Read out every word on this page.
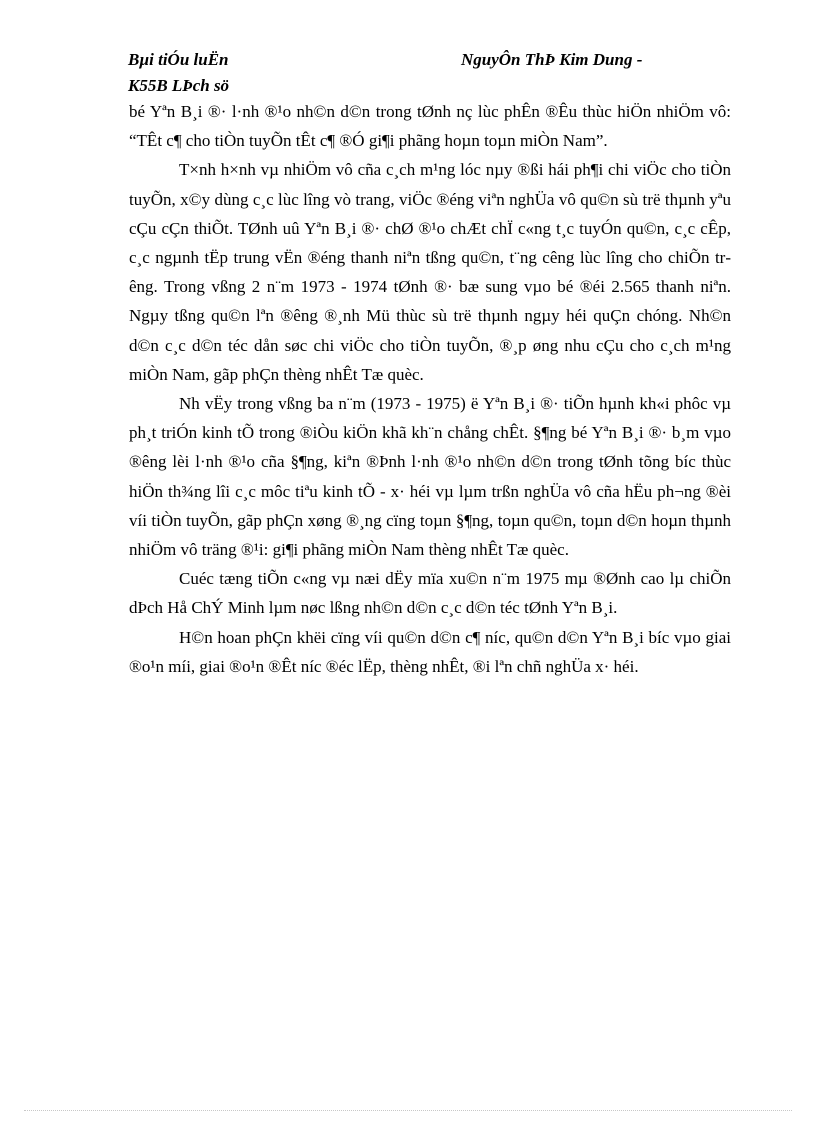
Bµi tiÓu luËn	NguyÔn ThÞ Kim Dung -
K55B LÞch sö

bé Yªn B¸i ®· l·nh ®¹o nh©n d©n trong tØnh nç lùc phÊn ®Êu thùc hiÖn nhiÖm vô: “TÊt c¶ cho tiÒn tuyÕn tÊt c¶ ®Ó gi¶i phãng hoµn toµn miÒn Nam”.

T×nh h×nh vµ nhiÖm vô cña c¸ch m¹ng lóc nµy ®ßi hái ph¶i chi viÖc cho tiÒn tuyÕn, x©y dùng c¸c lùc lîng vò trang, viÖc ®éng viªn nghÜa vô qu©n sù trë thµnh yªu cÇu cÇn thiÕt. TØnh uû Yªn B¸i ®· chØ ®¹o chÆt chÏ c«ng t¸c tuyÓn qu©n, c¸c cÊp, c¸c ngµnh tËp trung vËn ®éng thanh niªn tßng qu©n, t¨ng cêng lùc lîng cho chiÕn trêng. Trong vßng 2 n¨m 1973 - 1974 tØnh ®· bæ sung vµo bé ®éi 2.565 thanh niªn. Ngµy tßng qu©n lªn ®êng ®¸nh Mü thùc sù trë thµnh ngµy héi quÇn chóng. Nh©n d©n c¸c d©n téc dån søc chi viÖc cho tiÒn tuyÕn, ®¸p øng nhu cÇu cho c¸ch m¹ng miÒn Nam, gãp phÇn thèng nhÊt Tæ quèc.

Nh vËy trong vßng ba n¨m (1973 - 1975) ë Yªn B¸i ®· tiÕn hµnh kh«i phôc vµ ph¸t triÓn kinh tÕ trong ®iÒu kiÖn khã kh¨n chång chÊt. §¶ng bé Yªn B¸i ®· b¸m vµo ®êng lèi l·nh ®¹o cña §¶ng, kiªn ®Þnh l·nh ®¹o nh©n d©n trong tØnh tõng bíc thùc hiÖn th¾ng lîi c¸c môc tiªu kinh tÕ - x· héi vµ lµm trßn nghÜa vô cña hËu ph¬ng ®èi víi tiÒn tuyÕn, gãp phÇn xøng ®¸ng cïng toµn §¶ng, toµn qu©n, toµn d©n hoµn thµnh nhiÖm vô träng ®¹i: gi¶i phãng miÒn Nam thèng nhÊt Tæ quèc.

Cuéc tæng tiÕn c«ng vµ næi dËy mïa xu©n n¨m 1975 mµ ®Ønh cao lµ chiÕn dÞch Hå ChÝ Minh lµm nøc lßng nh©n d©n c¸c d©n téc tØnh Yªn B¸i.

H©n hoan phÇn khëi cïng víi qu©n d©n c¶ níc, qu©n d©n Yªn B¸i bíc vµo giai ®o¹n míi, giai ®o¹n ®Êt níc ®éc lËp, thèng nhÊt, ®i lªn chñ nghÜa x· héi.
